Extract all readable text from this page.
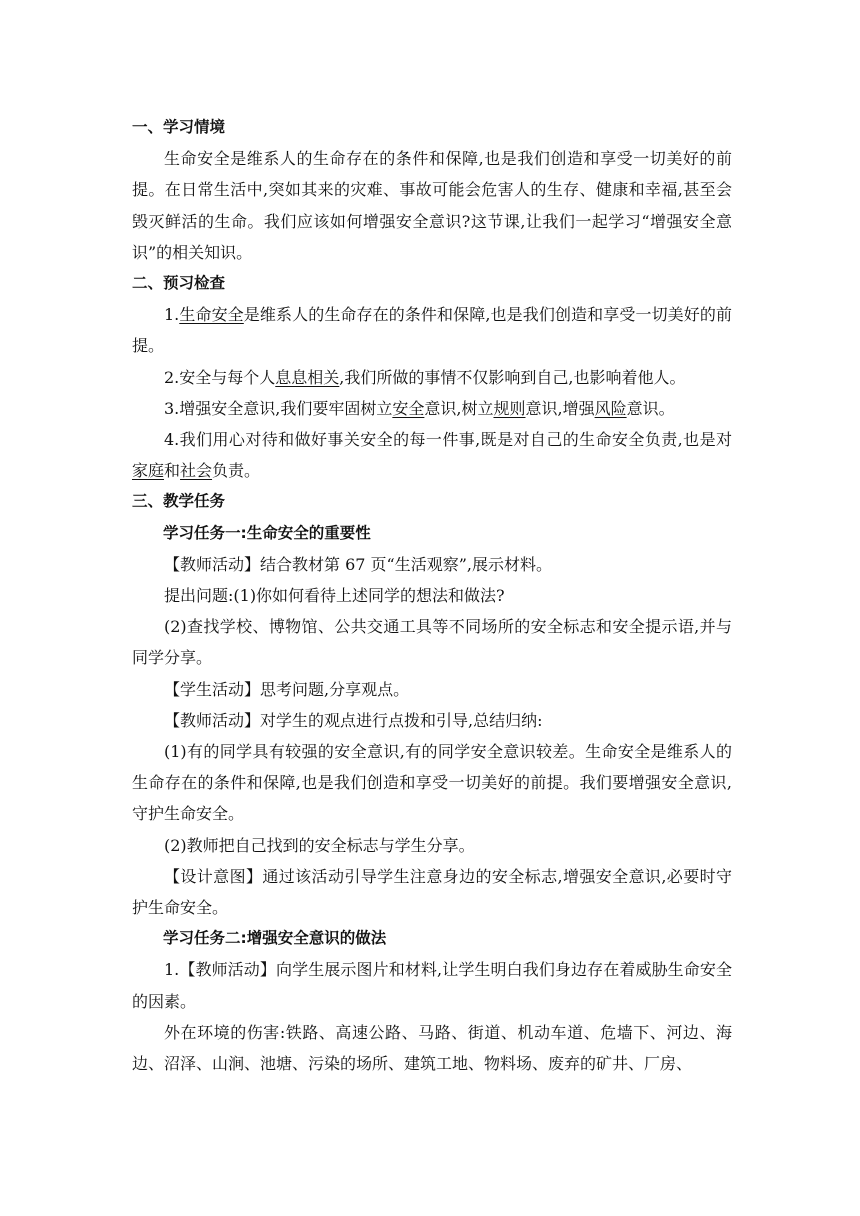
一、学习情境

生命安全是维系人的生命存在的条件和保障,也是我们创造和享受一切美好的前提。在日常生活中,突如其来的灾难、事故可能会危害人的生存、健康和幸福,甚至会毁灭鲜活的生命。我们应该如何增强安全意识?这节课,让我们一起学习“增强安全意识”的相关知识。

二、预习检查

1.生命安全是维系人的生命存在的条件和保障,也是我们创造和享受一切美好的前提。

2.安全与每个人息息相关,我们所做的事情不仅影响到自己,也影响着他人。

3.增强安全意识,我们要牢固树立安全意识,树立规则意识,增强风险意识。

4.我们用心对待和做好事关安全的每一件事,既是对自己的生命安全负责,也是对家庭和社会负责。

三、教学任务

学习任务一:生命安全的重要性

【教师活动】结合教材第 67 页“生活观察”,展示材料。

提出问题:(1)你如何看待上述同学的想法和做法?

(2)查找学校、博物馆、公共交通工具等不同场所的安全标志和安全提示语,并与同学分享。

【学生活动】思考问题,分享观点。

【教师活动】对学生的观点进行点拨和引导,总结归纳:

(1)有的同学具有较强的安全意识,有的同学安全意识较差。生命安全是维系人的生命存在的条件和保障,也是我们创造和享受一切美好的前提。我们要增强安全意识,守护生命安全。

(2)教师把自己找到的安全标志与学生分享。

【设计意图】通过该活动引导学生注意身边的安全标志,增强安全意识,必要时守护生命安全。

学习任务二:增强安全意识的做法

1.【教师活动】向学生展示图片和材料,让学生明白我们身边存在着威胁生命安全的因素。

外在环境的伤害:铁路、高速公路、马路、街道、机动车道、危墙下、河边、海边、沼泽、山涧、池塘、污染的场所、建筑工地、物料场、废弃的矿井、厂房、
